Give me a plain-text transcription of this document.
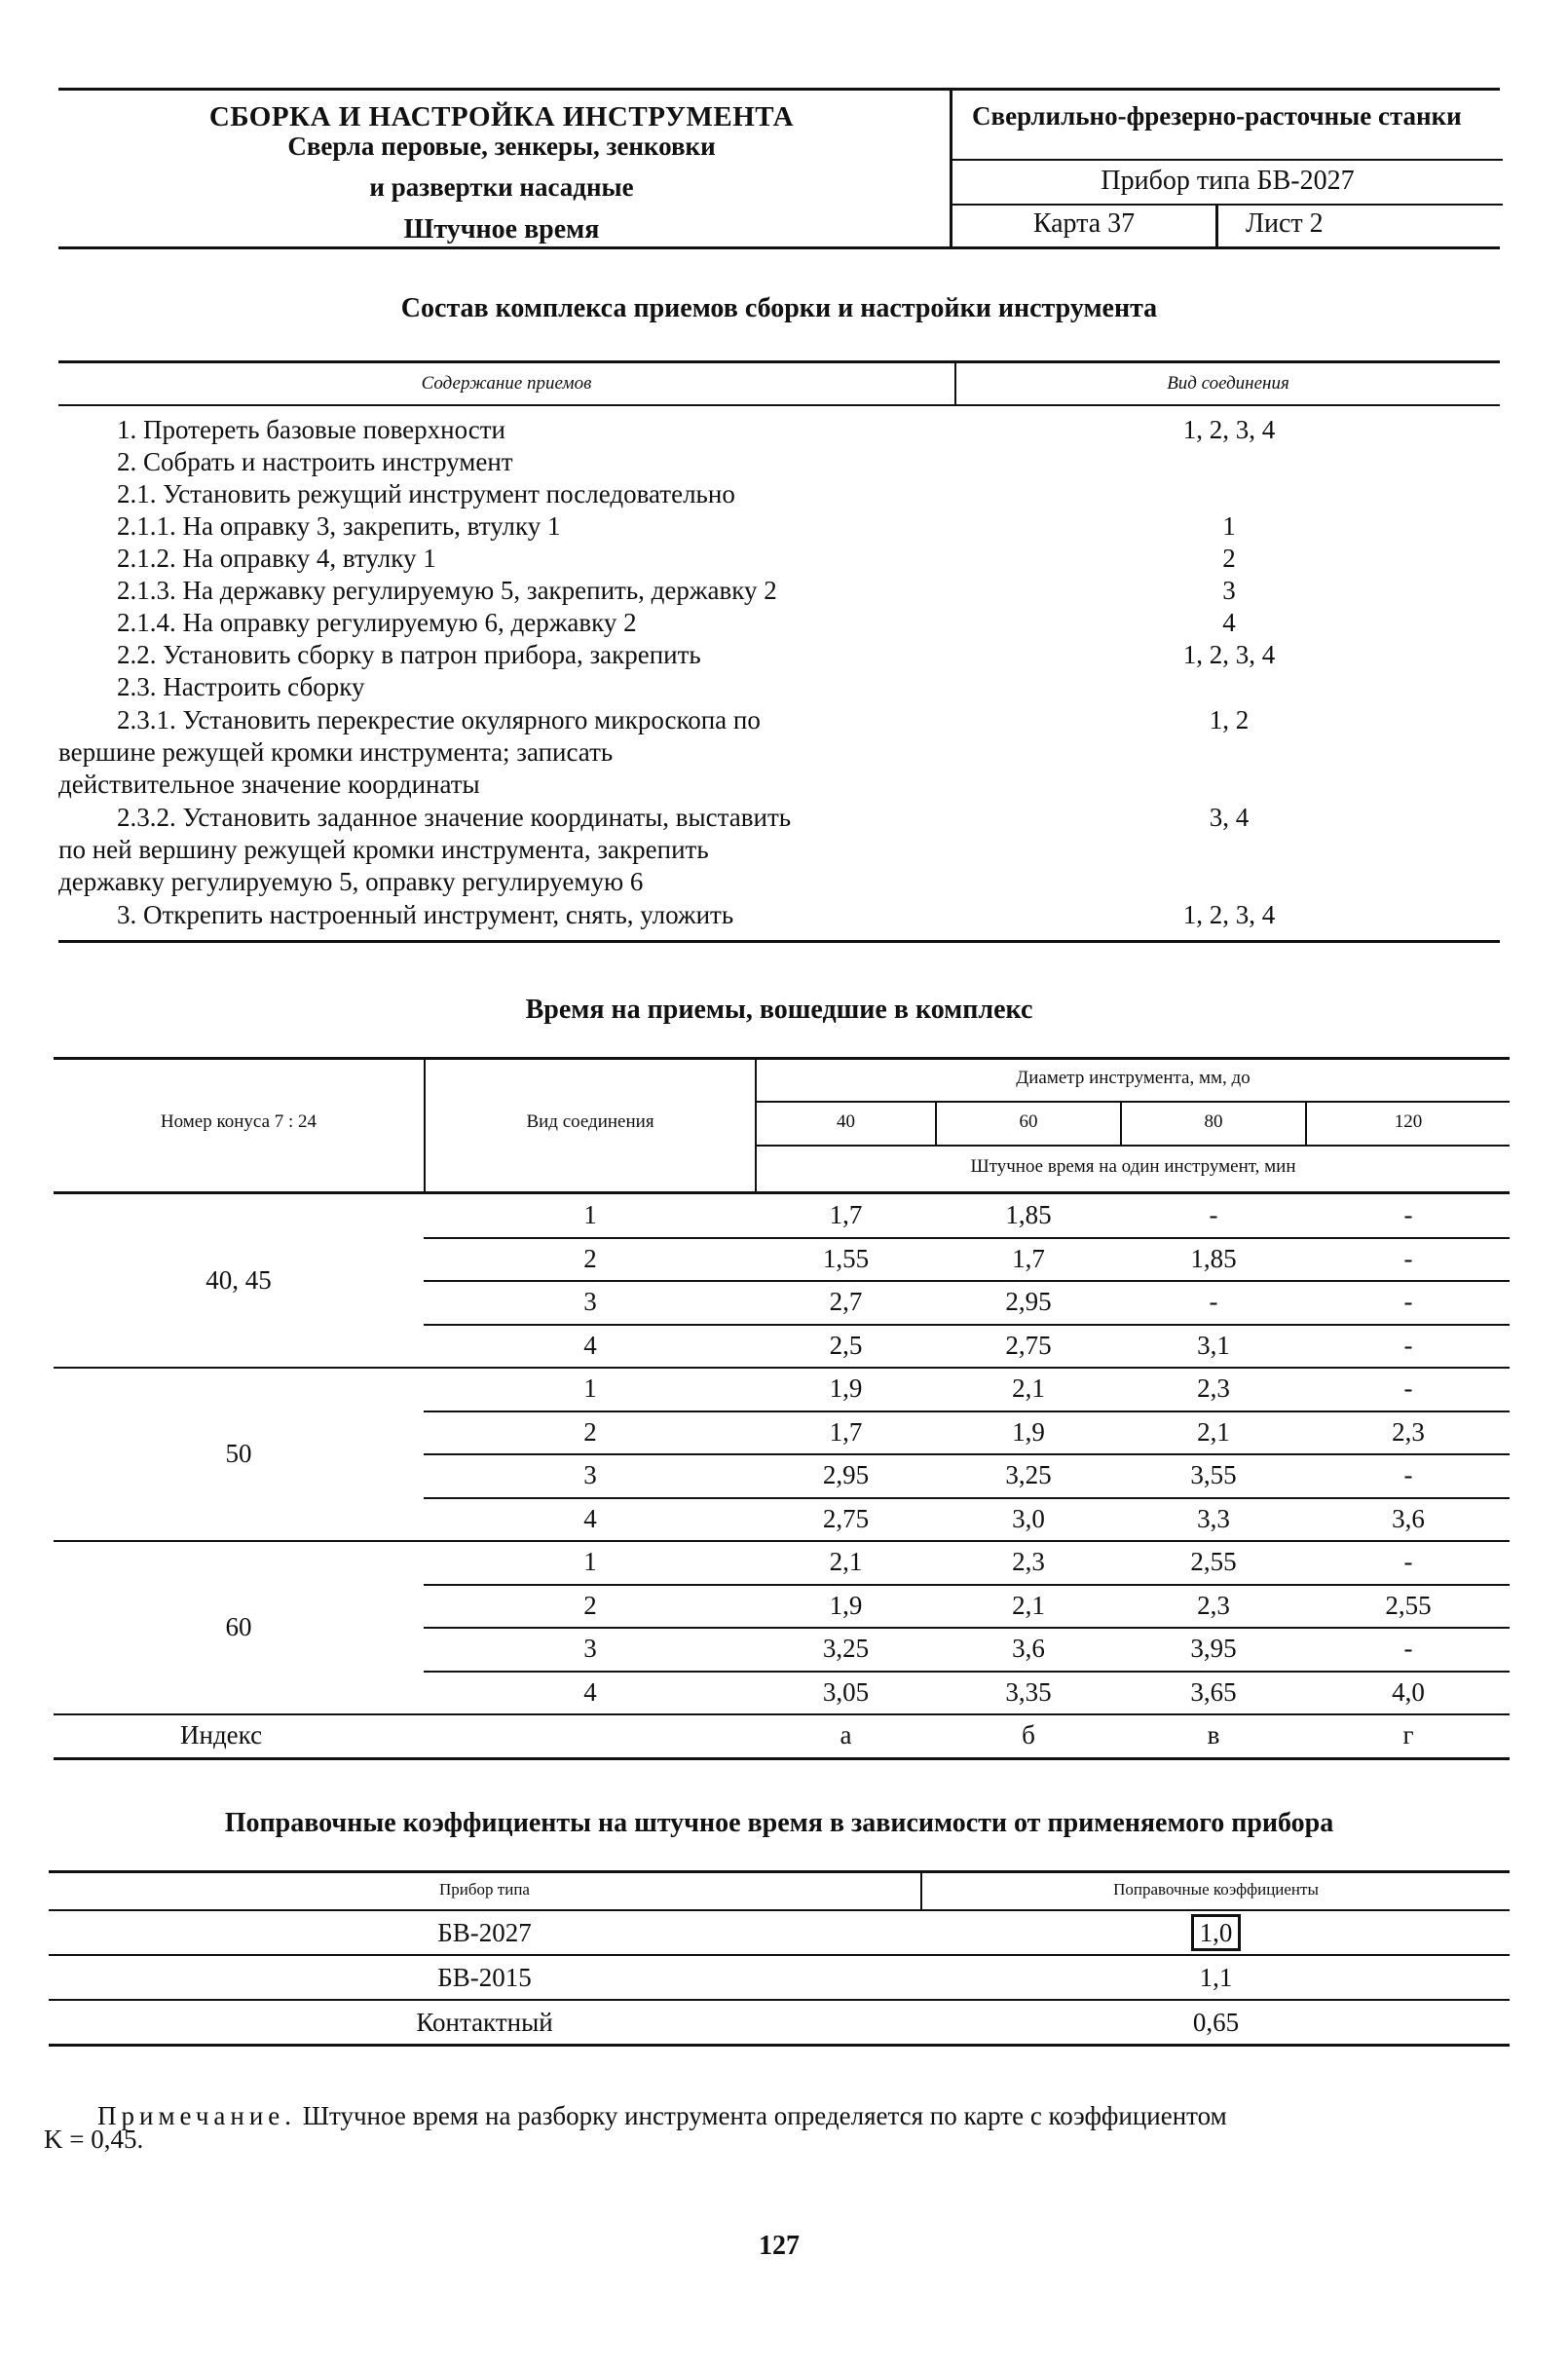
СБОРКА И НАСТРОЙКА ИНСТРУМЕНТА
Сверла перовые, зенкеры, зенковки
и развертки насадные
Штучное время
Сверлильно-фрезерно-расточные станки
Прибор типа БВ-2027
Карта 37	Лист 2
Состав комплекса приемов сборки и настройки инструмента
Содержание приемов	Вид соединения
1. Протереть базовые поверхности	1, 2, 3, 4
2. Собрать и настроить инструмент
2.1. Установить режущий инструмент последовательно
2.1.1. На оправку 3, закрепить, втулку 1	1
2.1.2. На оправку 4, втулку 1	2
2.1.3. На державку регулируемую 5, закрепить, державку 2	3
2.1.4. На оправку регулируемую 6, державку 2	4
2.2. Установить сборку в патрон прибора, закрепить	1, 2, 3, 4
2.3. Настроить сборку
2.3.1. Установить перекрестие окулярного микроскопа по
вершине режущей кромки инструмента; записать
действительное значение координаты
1, 2
2.3.2. Установить заданное значение координаты, выставить
по ней вершину режущей кромки инструмента, закрепить
державку регулируемую 5, оправку регулируемую 6
3, 4
3. Открепить настроенный инструмент, снять, уложить	1, 2, 3, 4
Время на приемы, вошедшие в комплекс
Номер конуса 7 : 24	Вид соединения
Диаметр инструмента, мм, до
40	60	80	120
Штучное время на один инструмент, мин
40, 45
1	1,7	1,85	-	-
2	1,55	1,7	1,85	-
3	2,7	2,95	-	-
4	2,5	2,75	3,1	-
50
1	1,9	2,1	2,3	-
2	1,7	1,9	2,1	2,3
3	2,95	3,25	3,55	-
4	2,75	3,0	3,3	3,6
60
1	2,1	2,3	2,55	-
2	1,9	2,1	2,3	2,55
3	3,25	3,6	3,95	-
4	3,05	3,35	3,65	4,0
Индекс	а	б	в	г
Поправочные коэффициенты на штучное время в зависимости от применяемого прибора
Прибор типа	Поправочные коэффициенты
БВ-2027	1,0
БВ-2015	1,1
Контактный	0,65
Примечание. Штучное время на разборку инструмента определяется по карте с коэффициентом
K = 0,45.
127
